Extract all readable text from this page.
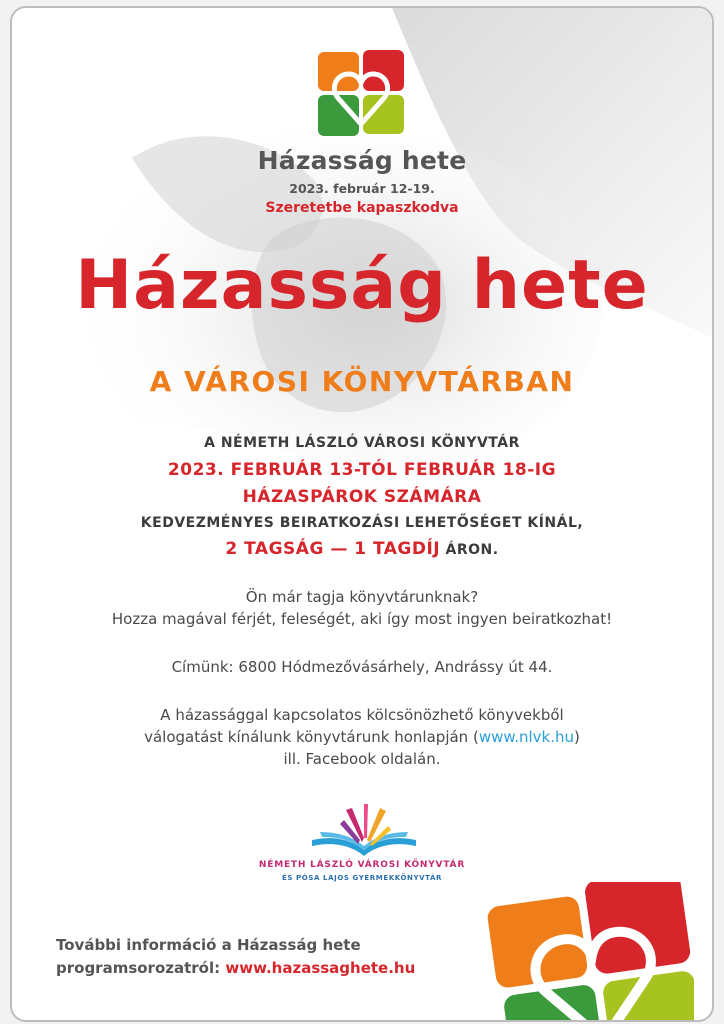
Házasság hete
2023. február 12-19.
Szeretetbe kapaszkodva
Házasság hete
A VÁROSI KÖNYVTÁRBAN
A NÉMETH LÁSZLÓ VÁROSI KÖNYVTÁR
2023. FEBRUÁR 13-TÓL FEBRUÁR 18-IG
HÁZASPÁROK SZÁMÁRA
KEDVEZMÉNYES BEIRATKOZÁSI LEHETŐSÉGET KÍNÁL,
2 TAGSÁG — 1 TAGDÍJ ÁRON.
Ön már tagja könyvtárunknak?
Hozza magával férjét, feleségét, aki így most ingyen beiratkozhat!
Címünk: 6800 Hódmezővásárhely, Andrássy út 44.
A házassággal kapcsolatos kölcsönözhető könyvekből
válogatást kínálunk könyvtárunk honlapján (www.nlvk.hu)
ill. Facebook oldalán.
NÉMETH LÁSZLÓ VÁROSI KÖNYVTÁR
ÉS PÓSA LAJOS GYERMEKKÖNYVTÁR
További információ a Házasság hete
programsorozatról: www.hazassaghete.hu
